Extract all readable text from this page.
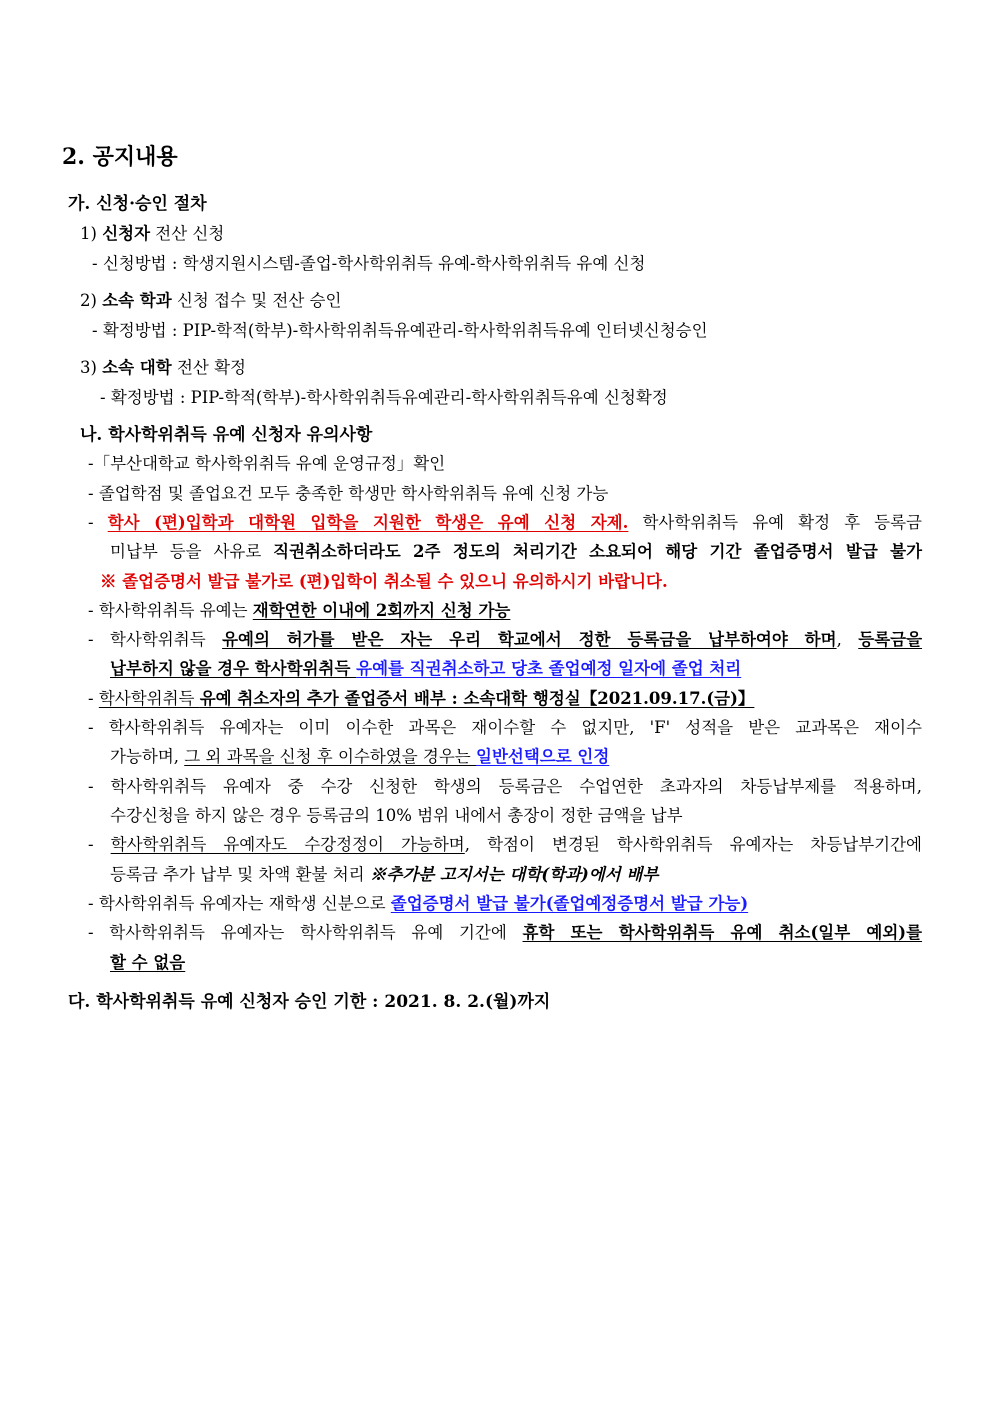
2. 공지내용
가. 신청·승인 절차
1) 신청자 전산 신청
- 신청방법 : 학생지원시스템-졸업-학사학위취득 유예-학사학위취득 유예 신청
2) 소속 학과 신청 접수 및 전산 승인
- 확정방법 : PIP-학적(학부)-학사학위취득유예관리-학사학위취득유예 인터넷신청승인
3) 소속 대학 전산 확정
- 확정방법 : PIP-학적(학부)-학사학위취득유예관리-학사학위취득유예 신청확정
나. 학사학위취득 유예 신청자 유의사항
-「부산대학교 학사학위취득 유예 운영규정」확인
- 졸업학점 및 졸업요건 모두 충족한 학생만 학사학위취득 유예 신청 가능
- 학사 (편)입학과 대학원 입학을 지원한 학생은 유예 신청 자제. 학사학위취득 유예 확정 후 등록금
미납부 등을 사유로 직권취소하더라도 2주 정도의 처리기간 소요되어 해당 기간 졸업증명서 발급 불가
※ 졸업증명서 발급 불가로 (편)입학이 취소될 수 있으니 유의하시기 바랍니다.
- 학사학위취득 유예는 재학연한 이내에 2회까지 신청 가능
- 학사학위취득 유예의 허가를 받은 자는 우리 학교에서 정한 등록금을 납부하여야 하며, 등록금을
납부하지 않을 경우 학사학위취득 유예를 직권취소하고 당초 졸업예정 일자에 졸업 처리
- 학사학위취득 유예 취소자의 추가 졸업증서 배부 : 소속대학 행정실【2021.09.17.(금)】
- 학사학위취득 유예자는 이미 이수한 과목은 재이수할 수 없지만, 'F' 성적을 받은 교과목은 재이수
가능하며, 그 외 과목을 신청 후 이수하였을 경우는 일반선택으로 인정
- 학사학위취득 유예자 중 수강 신청한 학생의 등록금은 수업연한 초과자의 차등납부제를 적용하며,
수강신청을 하지 않은 경우 등록금의 10% 범위 내에서 총장이 정한 금액을 납부
- 학사학위취득 유예자도 수강정정이 가능하며, 학점이 변경된 학사학위취득 유예자는 차등납부기간에
등록금 추가 납부 및 차액 환불 처리 ※추가분 고지서는 대학(학과)에서 배부
- 학사학위취득 유예자는 재학생 신분으로 졸업증명서 발급 불가(졸업예정증명서 발급 가능)
- 학사학위취득 유예자는 학사학위취득 유예 기간에 휴학 또는 학사학위취득 유예 취소(일부 예외)를
할 수 없음
다. 학사학위취득 유예 신청자 승인 기한 : 2021. 8. 2.(월)까지
